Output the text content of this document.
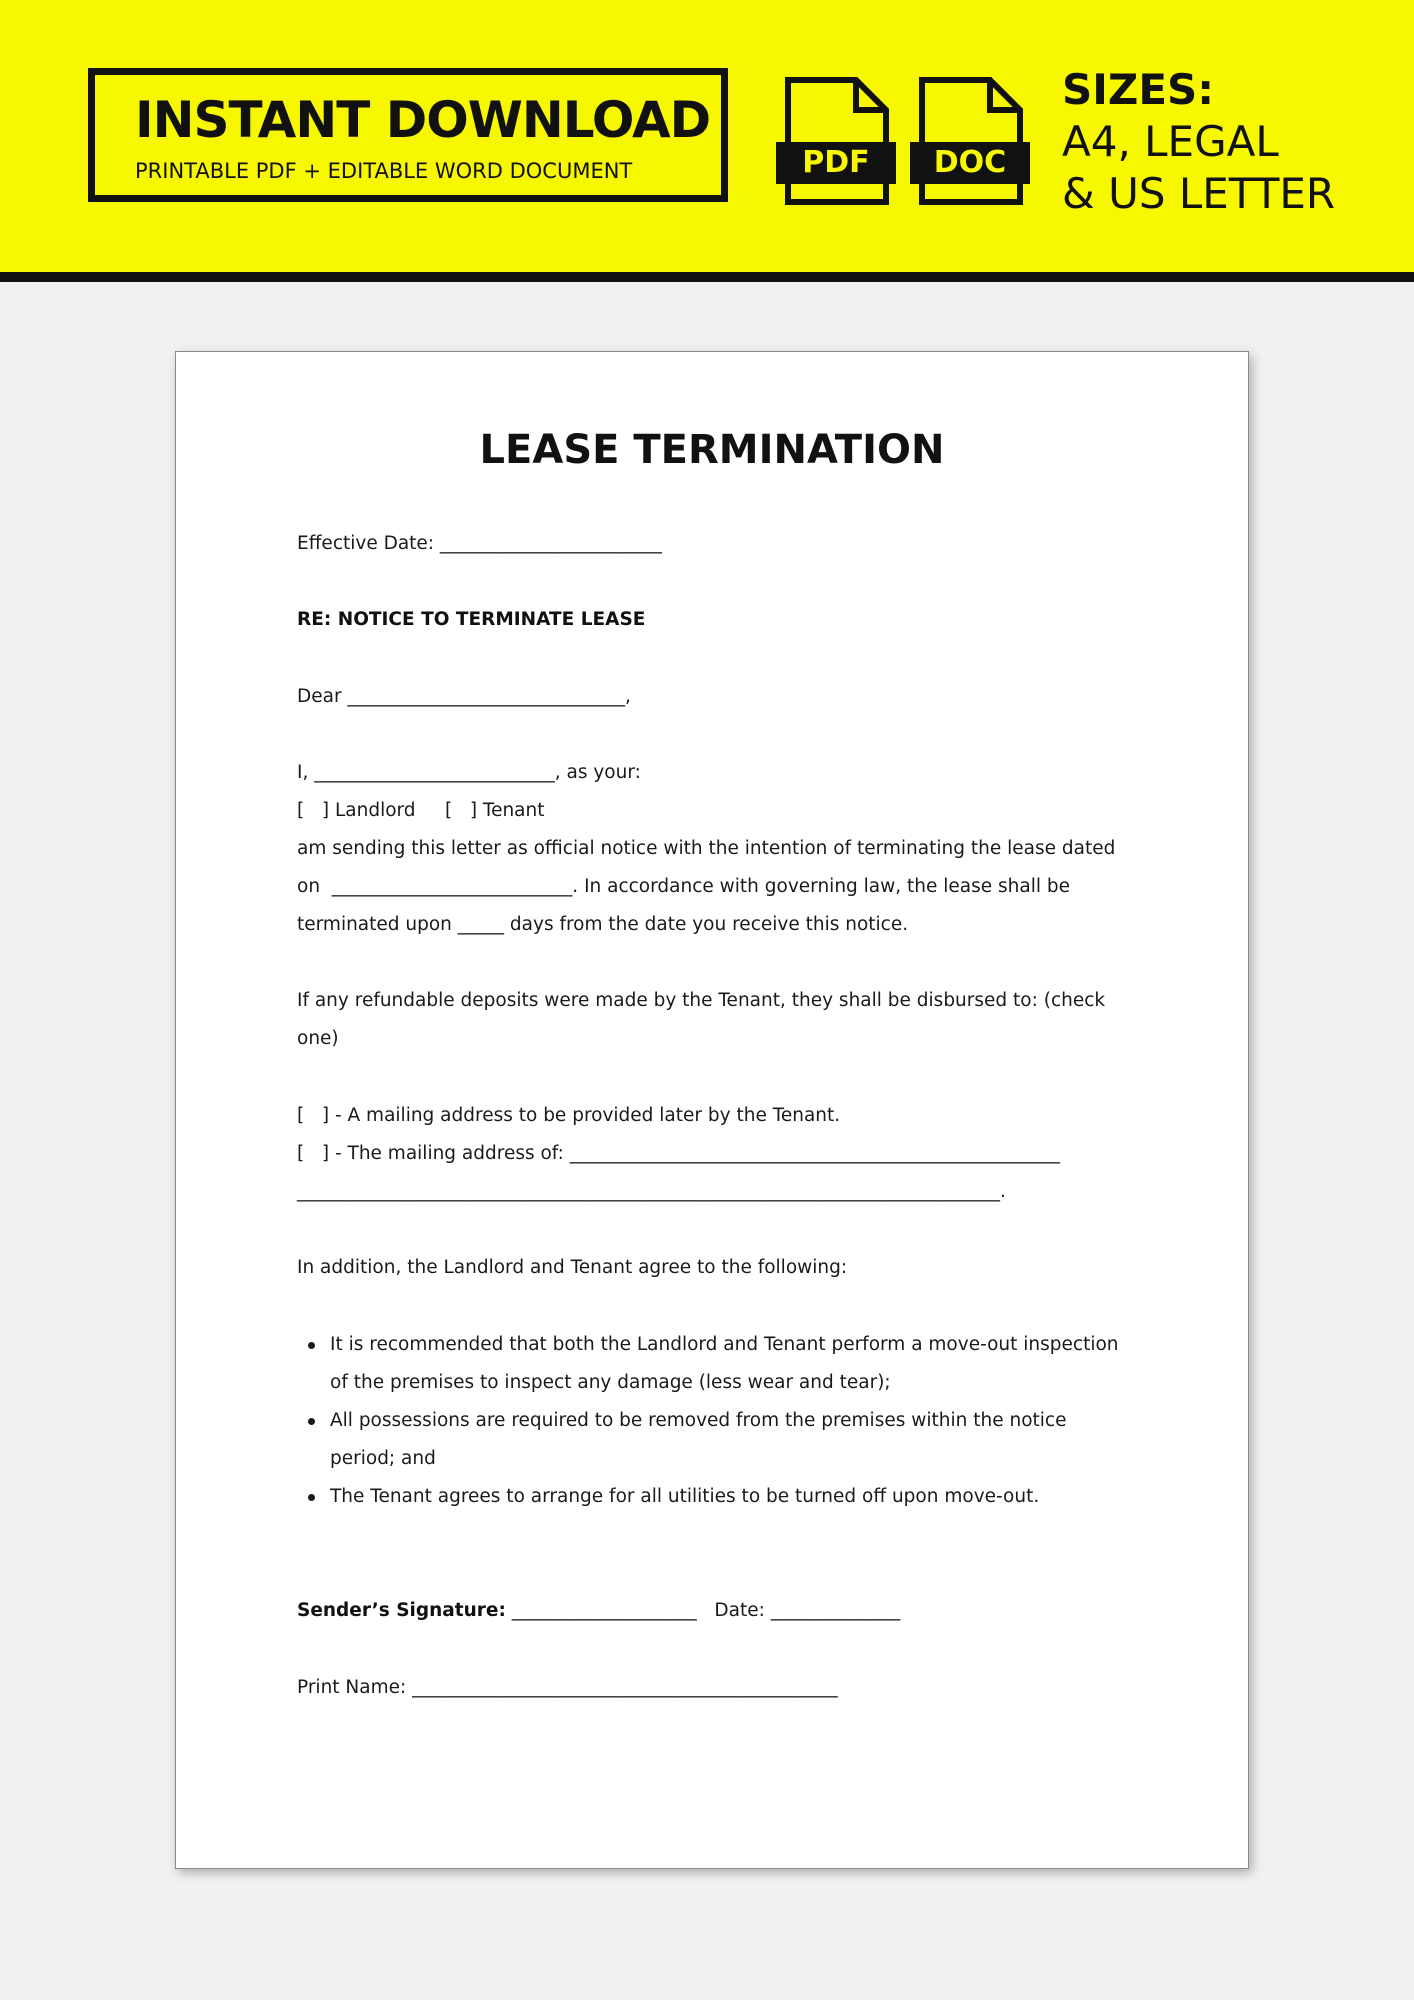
INSTANT DOWNLOAD
PRINTABLE PDF + EDITABLE WORD DOCUMENT	PDF	DOC
SIZES:
A4, LEGAL
& US LETTER
LEASE TERMINATION
Effective Date: ________________________
RE: NOTICE TO TERMINATE LEASE
Dear ______________________________,
I, __________________________, as your:
[   ] Landlord     [   ] Tenant
am sending this letter as official notice with the intention of terminating the lease dated
on  __________________________. In accordance with governing law, the lease shall be
terminated upon _____ days from the date you receive this notice.
If any refundable deposits were made by the Tenant, they shall be disbursed to: (check
one)
[   ] - A mailing address to be provided later by the Tenant.
[   ] - The mailing address of: _____________________________________________________
____________________________________________________________________________.
In addition, the Landlord and Tenant agree to the following:
It is recommended that both the Landlord and Tenant perform a move-out inspection
of the premises to inspect any damage (less wear and tear);
All possessions are required to be removed from the premises within the notice
period; and
The Tenant agrees to arrange for all utilities to be turned off upon move-out.
Sender’s Signature: ____________________   Date: ______________
Print Name: ______________________________________________
